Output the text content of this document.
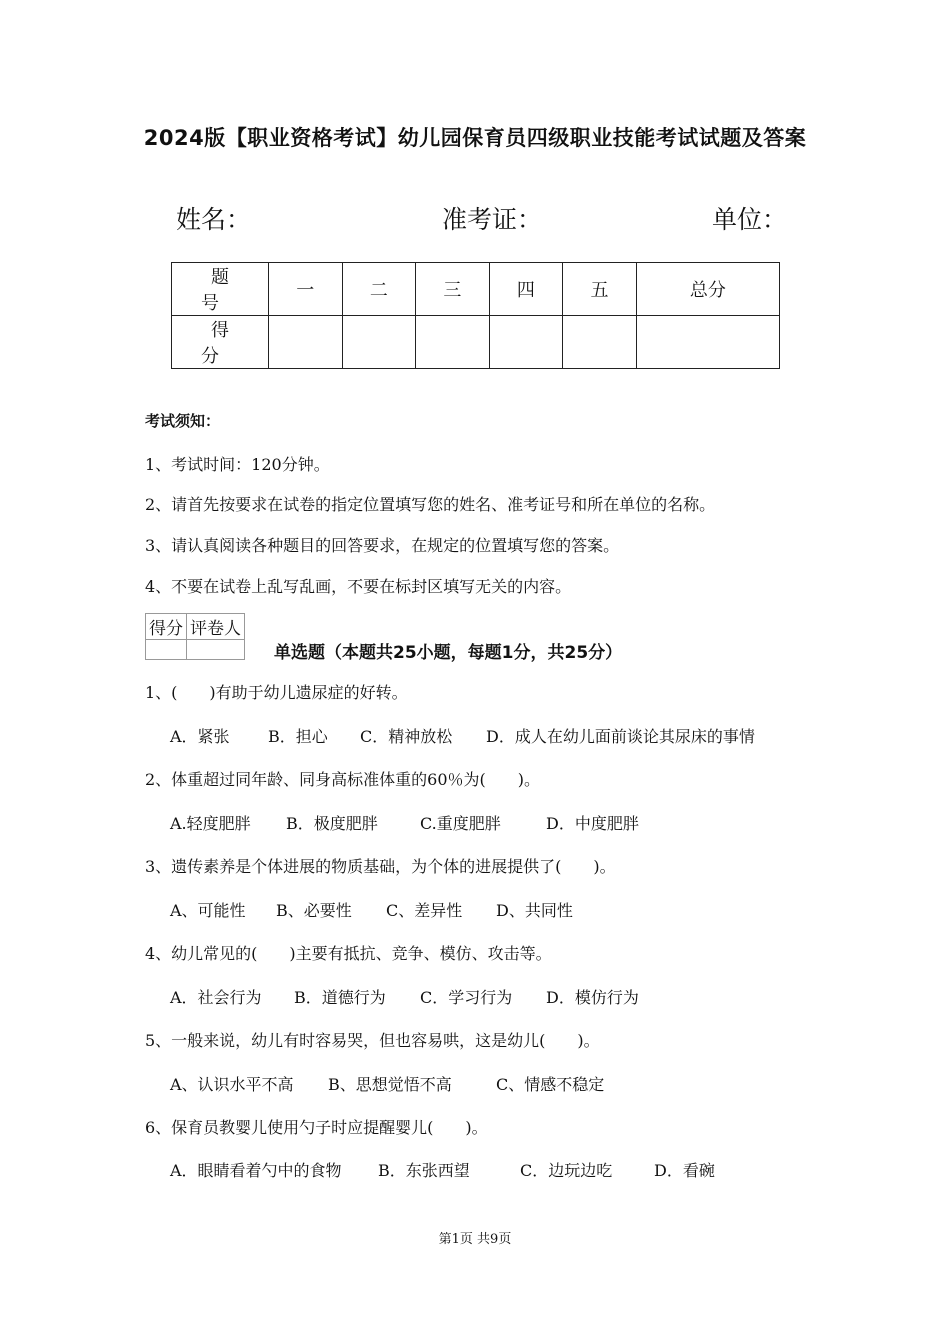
2024版【职业资格考试】幼儿园保育员四级职业技能考试试题及答案
姓名：	准考证：	单位：
题　号	一	二	三	四	五	总分
得　分						
考试须知：
1、考试时间：120分钟。
2、请首先按要求在试卷的指定位置填写您的姓名、准考证号和所在单位的名称。
3、请认真阅读各种题目的回答要求，在规定的位置填写您的答案。
4、不要在试卷上乱写乱画，不要在标封区填写无关的内容。
得分	评卷人

单选题（本题共25小题，每题1分，共25分）
1、(　　)有助于幼儿遗尿症的好转。
A．紧张 B．担心 C．精神放松 D．成人在幼儿面前谈论其尿床的事情
2、体重超过同年龄、同身高标准体重的60％为(　　)。
A.轻度肥胖 B．极度肥胖	C.重度肥胖	D．中度肥胖
3、遗传素养是个体进展的物质基础，为个体的进展提供了(　　)。
A、可能性 B、必要性 C、差异性 D、共同性
4、幼儿常见的(　　)主要有抵抗、竞争、模仿、攻击等。
A．社会行为 B．道德行为 C．学习行为 D．模仿行为
5、一般来说，幼儿有时容易哭，但也容易哄，这是幼儿(　　)。
A、认识水平不高 B、思想觉悟不高	C、情感不稳定
6、保育员教婴儿使用勺子时应提醒婴儿(　　)。
A．眼睛看着勺中的食物 B．东张西望	C．边玩边吃	D．看碗
第1页 共9页
